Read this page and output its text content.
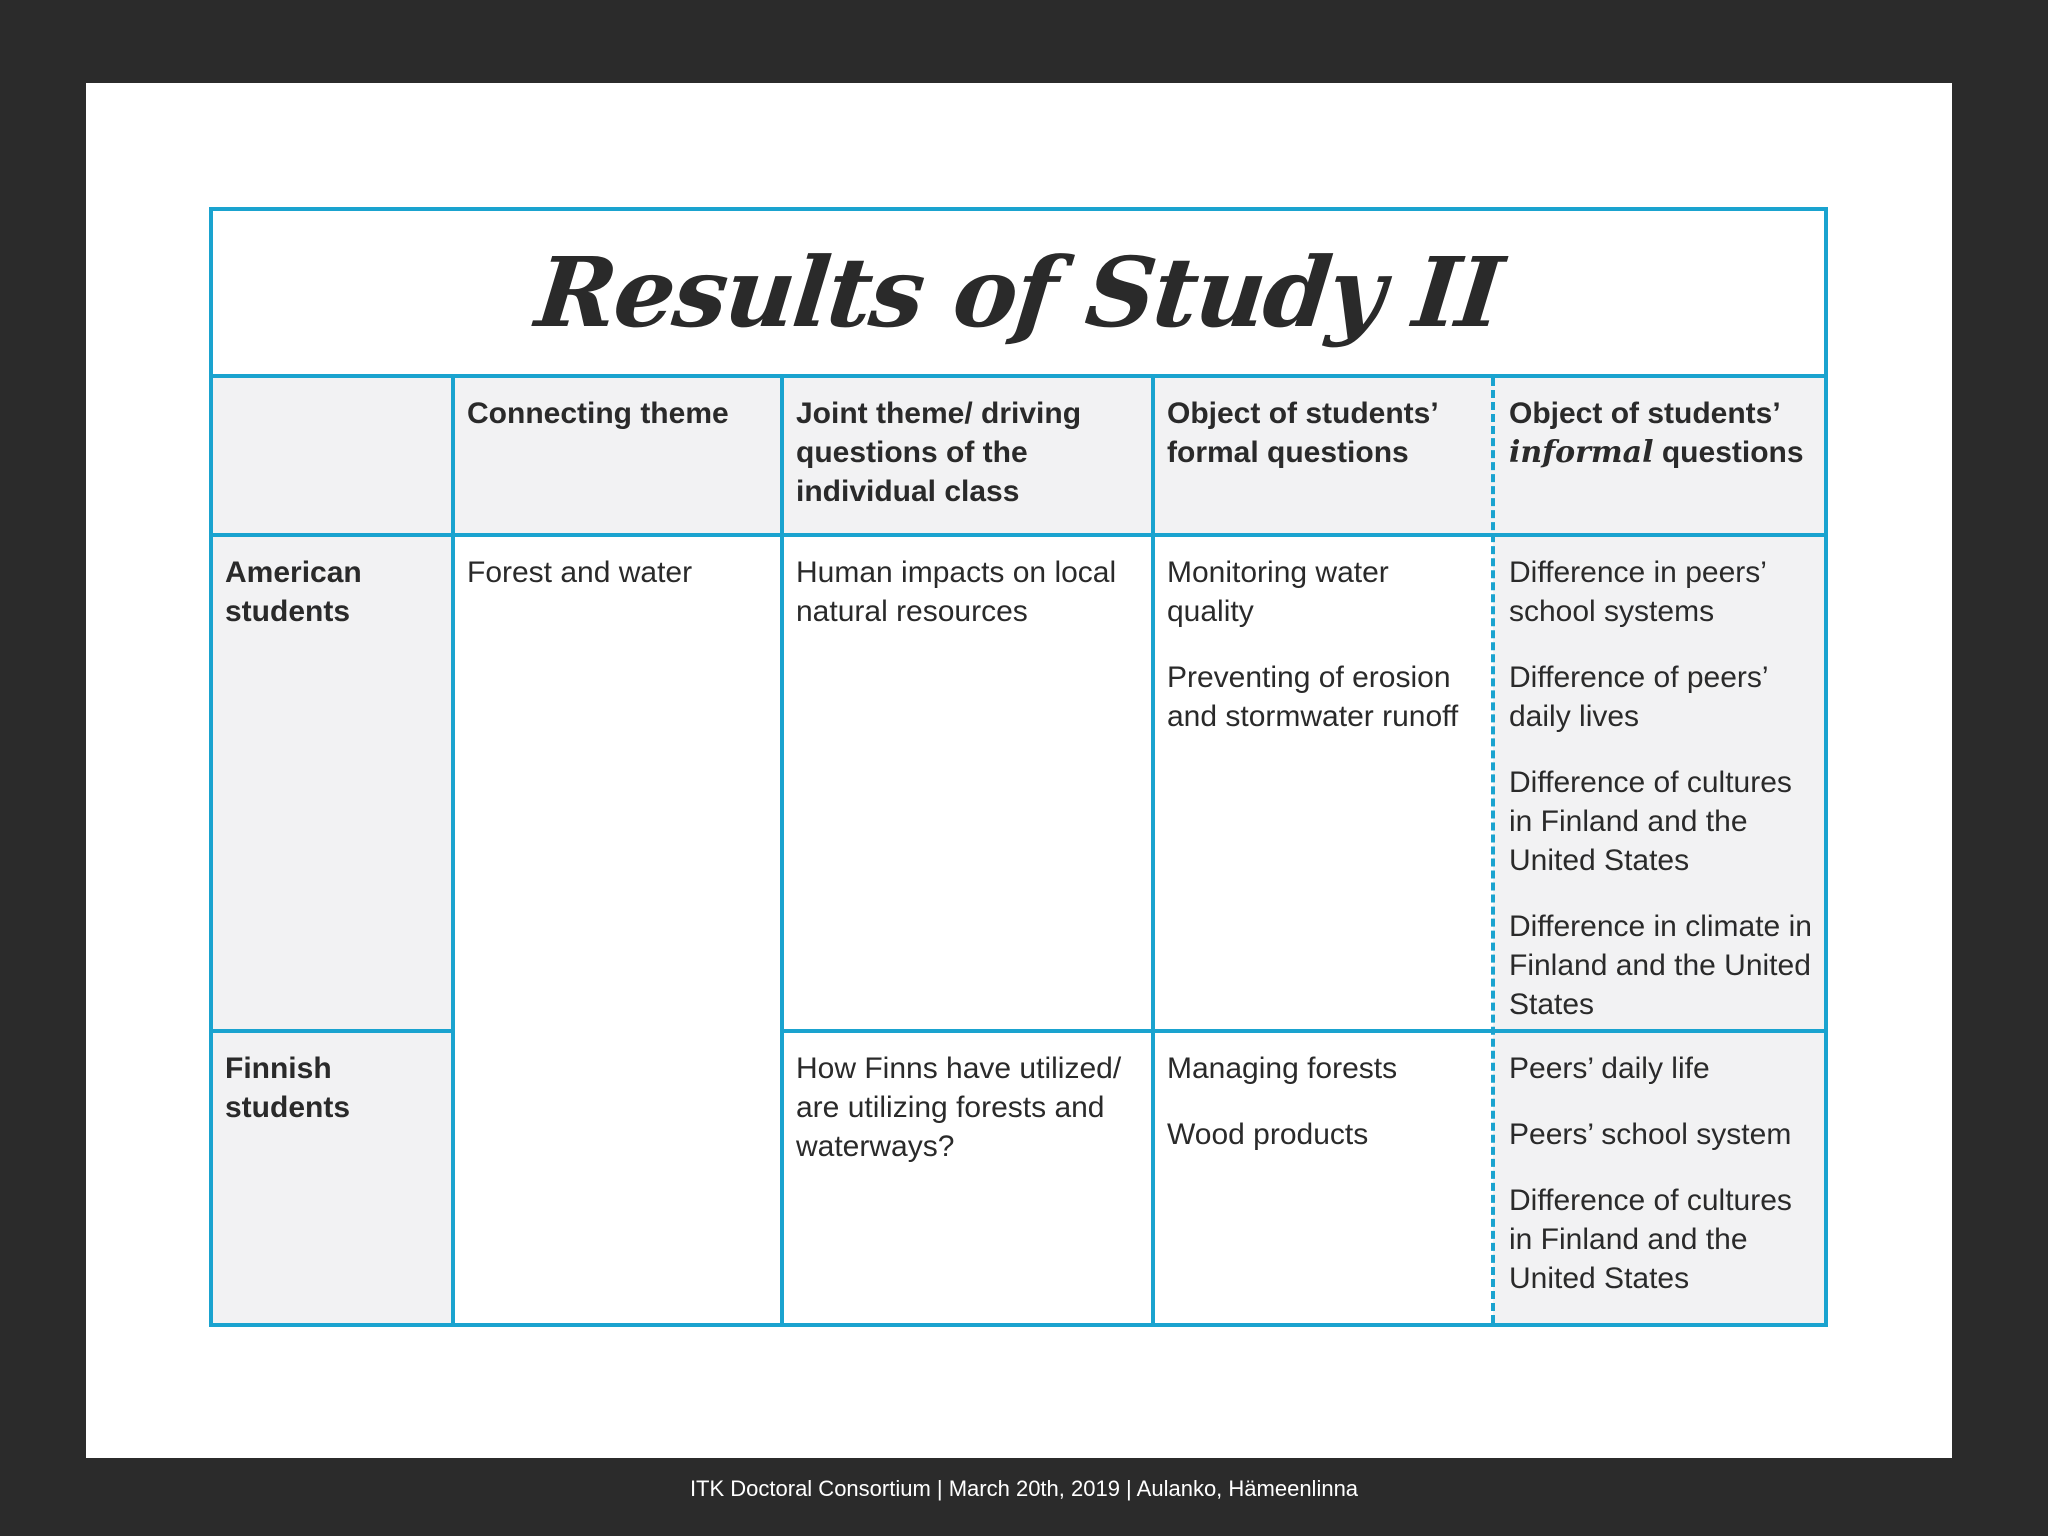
Results of Study II
Connecting theme	Joint theme/ driving questions of the individual class
Object of students’ formal questions
Object of students’
informal questions
American students
Forest and water	Human impacts on local natural resources
Monitoring water quality
Preventing of erosion and stormwater runoff
Difference in peers’ school systems
Difference of peers’ daily lives
Difference of cultures in Finland and the United States
Difference in climate in Finland and the United States
Finnish students
How Finns have utilized/ are utilizing forests and waterways?
Managing forests
Wood products
Peers’ daily life
Peers’ school system
Difference of cultures in Finland and the United States
ITK Doctoral Consortium | March 20th, 2019 | Aulanko, Hämeenlinna
